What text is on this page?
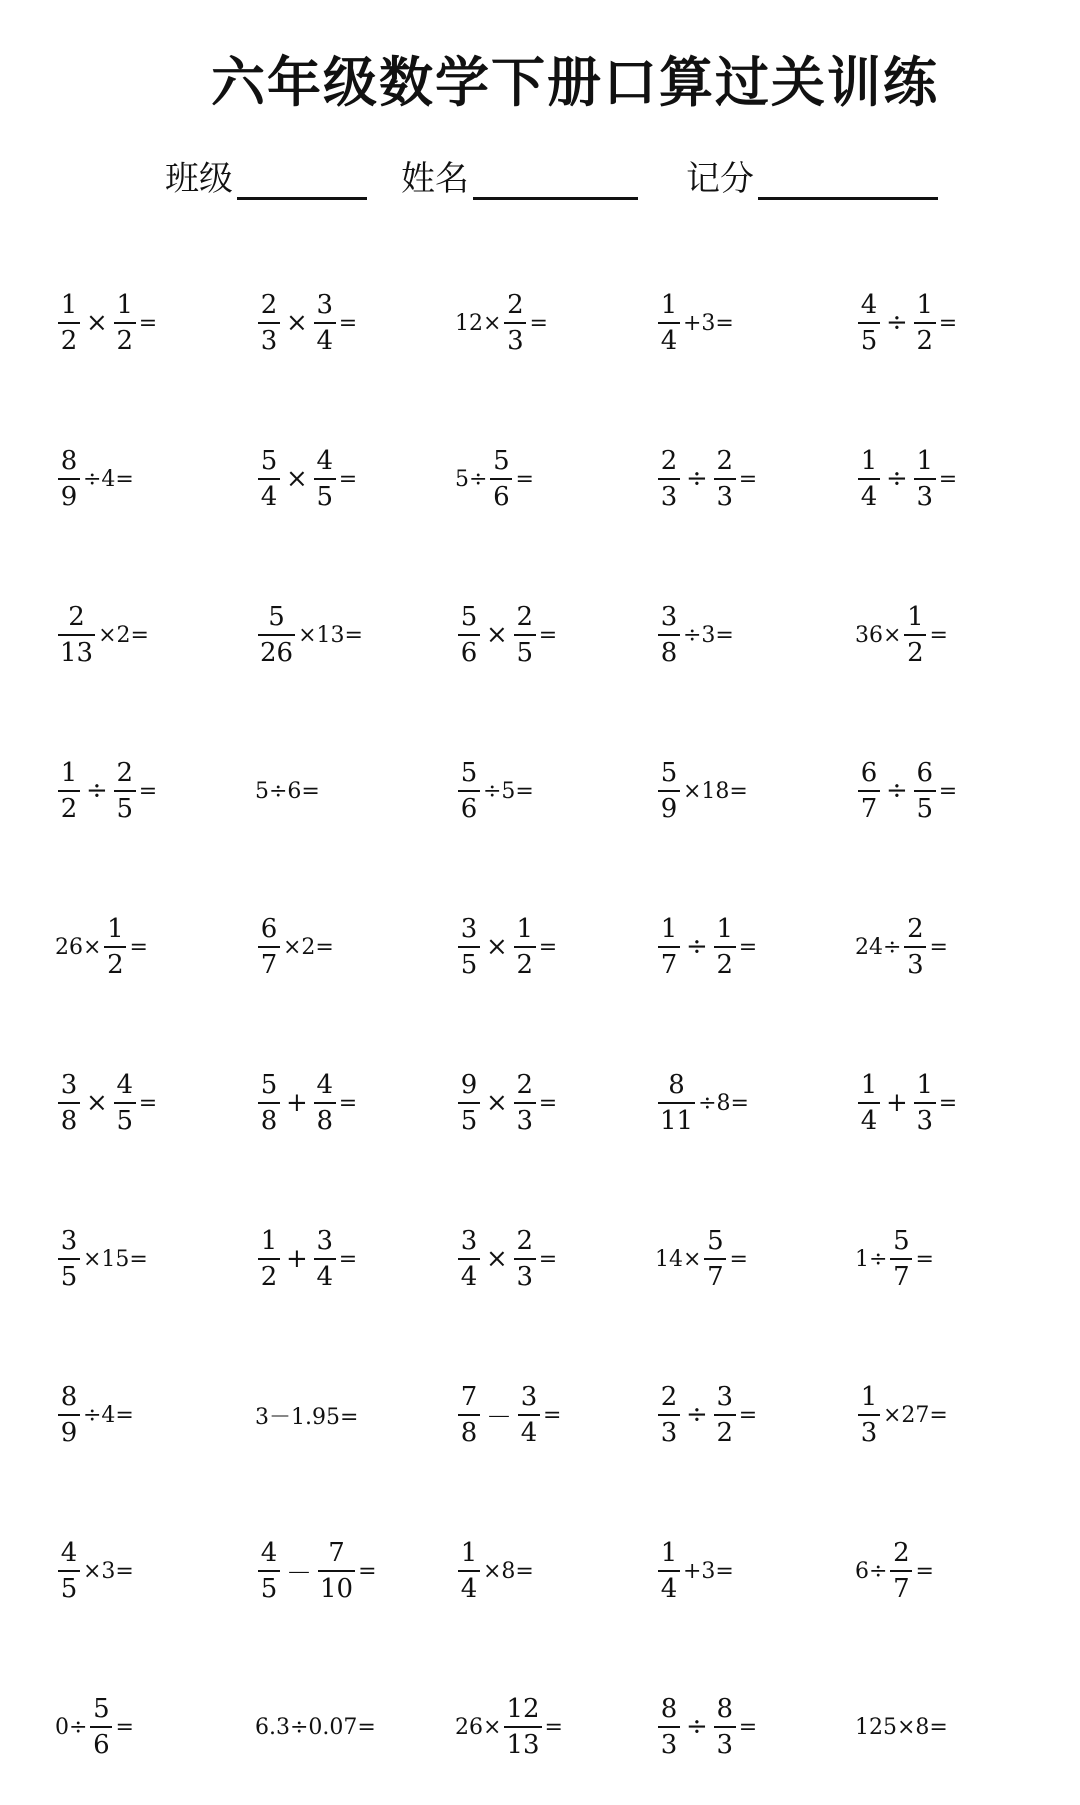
六年级数学下册口算过关训练
班级	姓名	记分
$\frac{1}{2} \times \frac{1}{2}$ =	$\frac{2}{3} \times \frac{3}{4}$ =	$12\times \frac{2}{3}$ =	$\frac{1}{4} +3=$	$\frac{4}{5} \div \frac{1}{2}$ =
$\frac{8}{9} \div 4=$	$\frac{5}{4} \times \frac{4}{5}$ =	$5\div \frac{5}{6}$ =	$\frac{2}{3} \div \frac{2}{3}$ =	$\frac{1}{4} \div \frac{1}{3}$ =
$\frac{2}{13} \times 2=$	$\frac{5}{26} \times 13=$	$\frac{5}{6} \times \frac{2}{5}$ =	$\frac{3}{8} \div 3=$	$36\times \frac{1}{2}$ =
$\frac{1}{2} \div \frac{2}{5}$ =	5÷6=	$\frac{5}{6} \div 5=$	$\frac{5}{9} \times 18=$	$\frac{6}{7} \div \frac{6}{5}$ =
$26\times \frac{1}{2}$ =	$\frac{6}{7} \times 2=$	$\frac{3}{5} \times \frac{1}{2}$ =	$\frac{1}{7} \div \frac{1}{2}$ =	$24\div \frac{2}{3}$ =
$\frac{3}{8} \times \frac{4}{5}$ =	$\frac{5}{8} + \frac{4}{8}$ =	$\frac{9}{5} \times \frac{2}{3}$ =	$\frac{8}{11} \div 8=$	$\frac{1}{4} + \frac{1}{3}$ =
$\frac{3}{5} \times 15=$	$\frac{1}{2} + \frac{3}{4}$ =	$\frac{3}{4} \times \frac{2}{3}$ =	$14\times \frac{5}{7}$ =	$1\div \frac{5}{7}$ =
$\frac{8}{9} \div 4=$	3－1.95=	$\frac{7}{8} - \frac{3}{4}$ =	$\frac{2}{3} \div \frac{3}{2}$ =	$\frac{1}{3} \times 27=$
$\frac{4}{5} \times 3=$	$\frac{4}{5} - \frac{7}{10}$ =	$\frac{1}{4} \times 8=$	$\frac{1}{4} +3=$	$6\div \frac{2}{7}$ =
$0\div \frac{5}{6}$ =	6.3÷0.07=	$26\times \frac{12}{13}$ =	$\frac{8}{3} \div \frac{8}{3}$ =	125×8=
